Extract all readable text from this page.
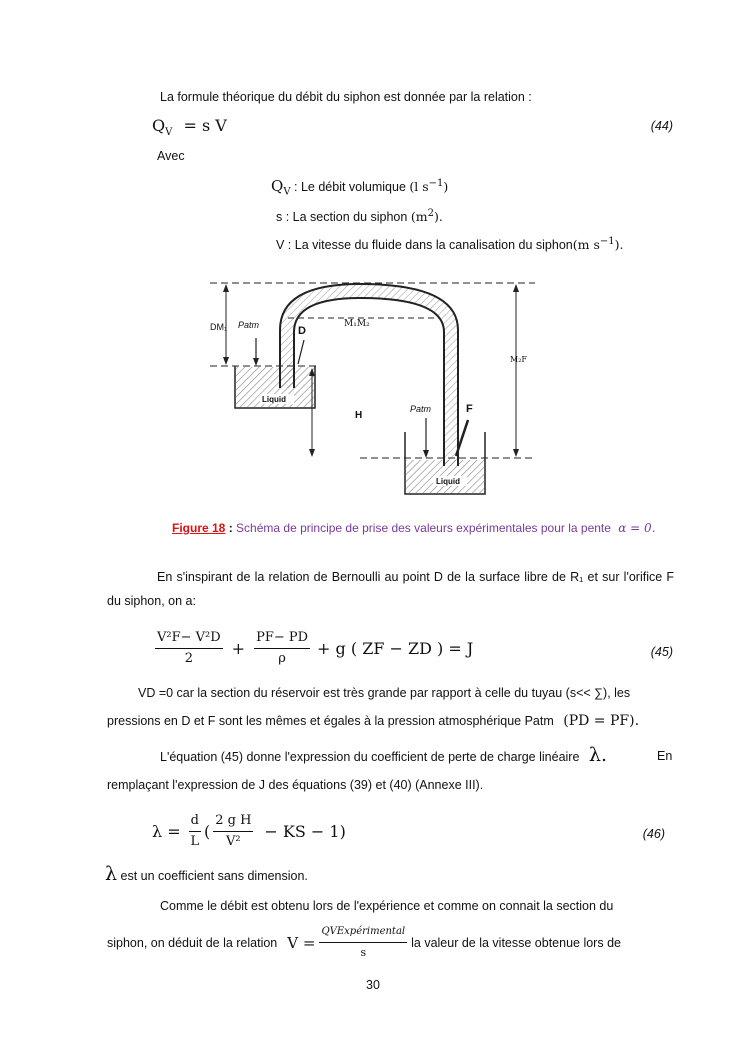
La formule théorique du débit du siphon est donnée par la relation :
$Q_V = s$ V	(44)
Avec
$Q_V$ : Le débit volumique (l $s^{-1}$)
s : La section du siphon $(m^2)$.
V : La vitesse du fluide dans la canalisation du siphon(m $s^{-1}$).
DM₁ Patm	D
M₁M₂
M₂F
H
Patm	F
Liquid
Liquid
Figure 18 : Schéma de principe de prise des valeurs expérimentales pour la pente α = 0.
En s'inspirant de la relation de Bernoulli au point D de la surface libre de R₁ et sur l'orifice F du siphon, on a:
$\frac{\text{V²F− V²D}}{2} + \frac{PF- PD}{\rho} + g$ ( ZF − ZD ) = J	(45)
VD =0 car la section du réservoir est très grande par rapport à celle du tuyau (s<< ∑), les
pressions en D et F sont les mêmes et égales à la pression atmosphérique Patm (PD = PF).
L'équation (45) donne l'expression du coefficient de perte de charge linéaire λ.	En
remplaçant l'expression de J des équations (39) et (40) (Annexe III).
$\lambda = \frac{d}{L}$ ( $\frac{\text{2 g H}}{\text{V²}}$ − KS − 1)	(46)
λ est un coefficient sans dimension.
Comme le débit est obtenu lors de l'expérience et comme on connait la section du
siphon, on déduit de la relation $V = \frac{\text{QVExpérimental}}{s}$ la valeur de la vitesse obtenue lors de
30
